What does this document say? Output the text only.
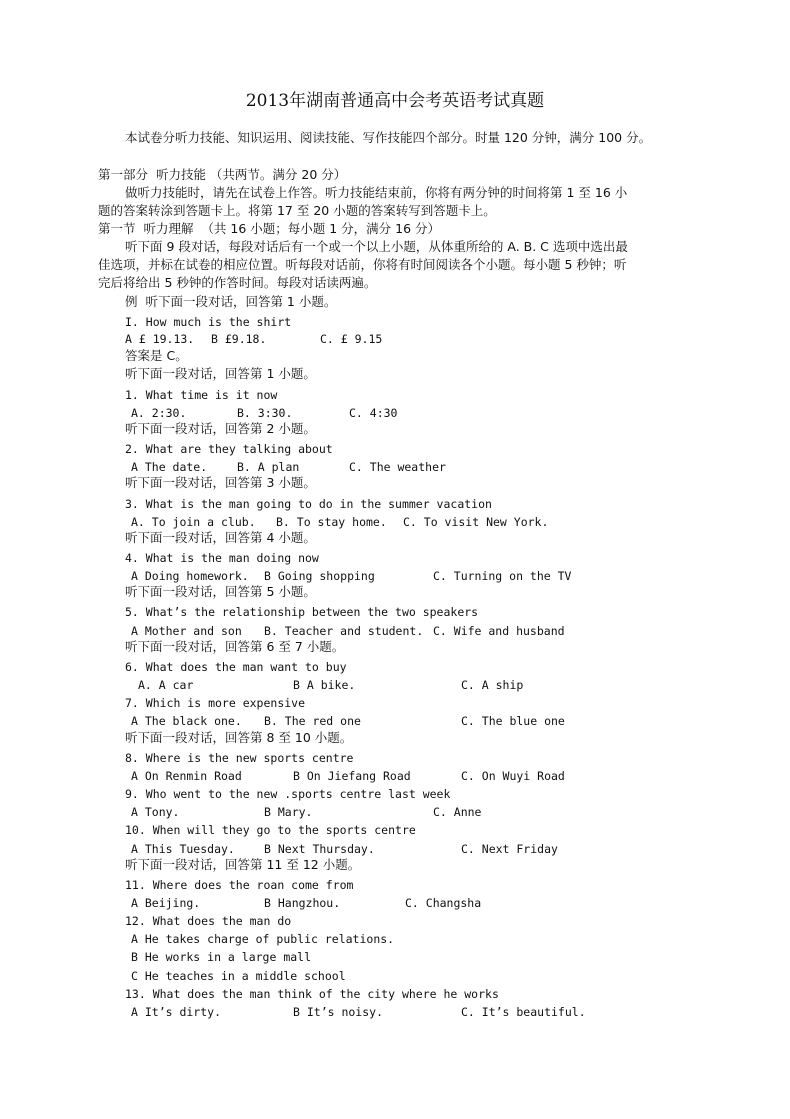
2013年湖南普通高中会考英语考试真题
本试卷分听力技能、知识运用、阅读技能、写作技能四个部分。时量 120 分钟，满分 100 分。
第一部分  听力技能 （共两节。满分 20 分）
做听力技能时，请先在试卷上作答。听力技能结束前，你将有两分钟的时间将第 1 至 16 小
题的答案转涂到答题卡上。将第 17 至 20 小题的答案转写到答题卡上。
第一节  听力理解  （共 16 小题；每小题 1 分，满分 16 分）
听下面 9 段对话，每段对话后有一个或一个以上小题，从体重所给的 A. B. C 选项中选出最
佳选项，并标在试卷的相应位置。听每段对话前，你将有时间阅读各个小题。每小题 5 秒钟；听
完后将给出 5 秒钟的作答时间。每段对话读两遍。
例  听下面一段对话，回答第 1 小题。
I. How much is the shirt
A £ 19.13. B £9.18.	C. £ 9.15
答案是 C。
听下面一段对话，回答第 1 小题。
1. What time is it now
A. 2:30.	B. 3:30.	C. 4:30
听下面一段对话，回答第 2 小题。
2. What are they talking about
A The date.	B. A plan	C. The weather
听下面一段对话，回答第 3 小题。
3. What is the man going to do in the summer vacation
A. To join a club. B. To stay home. C. To visit New York.
听下面一段对话，回答第 4 小题。
4. What is the man doing now
A Doing homework. B Going shopping	C. Turning on the TV
听下面一段对话，回答第 5 小题。
5. What’s the relationship between the two speakers
A Mother and son B. Teacher and student. C. Wife and husband
听下面一段对话，回答第 6 至 7 小题。
6. What does the man want to buy
A. A car	B A bike.	C. A ship
7. Which is more expensive
A The black one. B. The red one	C. The blue one
听下面一段对话，回答第 8 至 10 小题。
8. Where is the new sports centre
A On Renmin Road	B On Jiefang Road	C. On Wuyi Road
9. Who went to the new .sports centre last week
A Tony.	B Mary.	C. Anne
10. When will they go to the sports centre
A This Tuesday.	B Next Thursday.	C. Next Friday
听下面一段对话，回答第 11 至 12 小题。
11. Where does the roan come from
A Beijing.	B Hangzhou.	C. Changsha
12. What does the man do
A He takes charge of public relations.
B He works in a large mall
C He teaches in a middle school
13. What does the man think of the city where he works
A It’s dirty.	B It’s noisy.	C. It’s beautiful.
